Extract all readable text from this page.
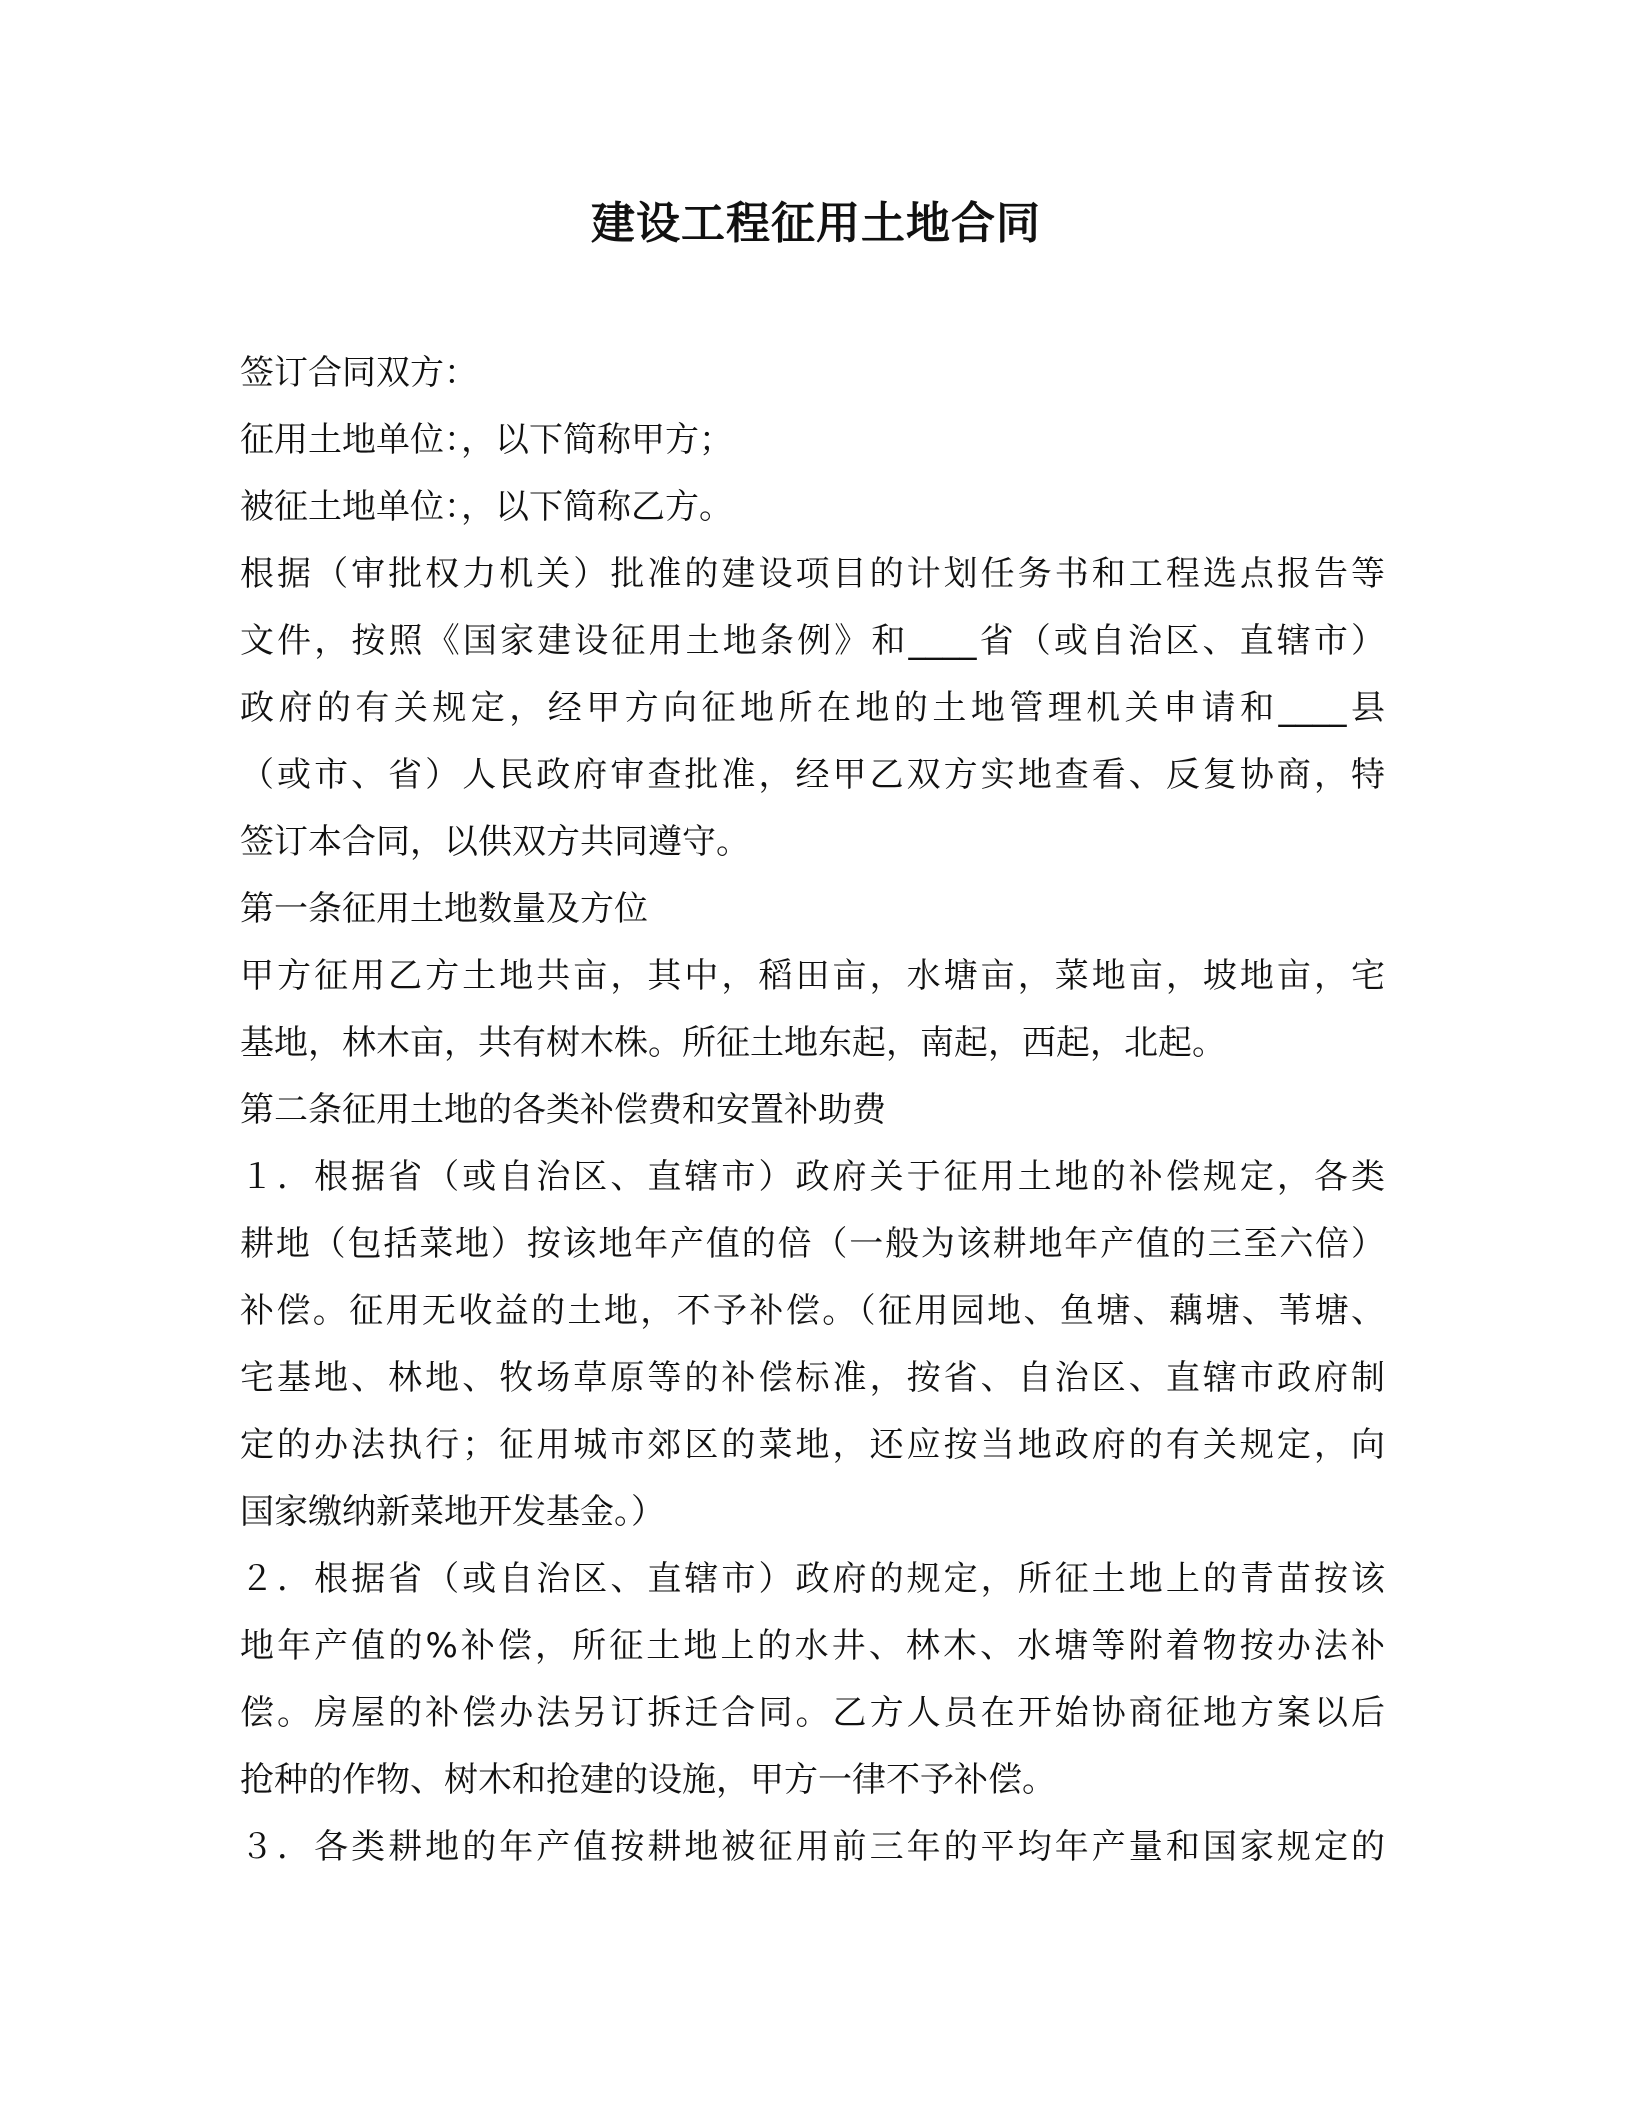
建设工程征用土地合同
签订合同双方：
征用土地单位：，以下简称甲方；
被征土地单位：，以下简称乙方。
根据（审批权力机关）批准的建设项目的计划任务书和工程选点报告等
文件，按照《国家建设征用土地条例》和____省（或自治区、直辖市）
政府的有关规定，经甲方向征地所在地的土地管理机关申请和____县
（或市、省）人民政府审查批准，经甲乙双方实地查看、反复协商，特
签订本合同，以供双方共同遵守。
第一条征用土地数量及方位
甲方征用乙方土地共亩，其中，稻田亩，水塘亩，菜地亩，坡地亩，宅
基地，林木亩，共有树木株。所征土地东起，南起，西起，北起。
第二条征用土地的各类补偿费和安置补助费
１．根据省（或自治区、直辖市）政府关于征用土地的补偿规定，各类
耕地（包括菜地）按该地年产值的倍（一般为该耕地年产值的三至六倍）
补偿。征用无收益的土地，不予补偿。（征用园地、鱼塘、藕塘、苇塘、
宅基地、林地、牧场草原等的补偿标准，按省、自治区、直辖市政府制
定的办法执行；征用城市郊区的菜地，还应按当地政府的有关规定，向
国家缴纳新菜地开发基金。）
２．根据省（或自治区、直辖市）政府的规定，所征土地上的青苗按该
地年产值的%补偿，所征土地上的水井、林木、水塘等附着物按办法补
偿。房屋的补偿办法另订拆迁合同。乙方人员在开始协商征地方案以后
抢种的作物、树木和抢建的设施，甲方一律不予补偿。
３．各类耕地的年产值按耕地被征用前三年的平均年产量和国家规定的
